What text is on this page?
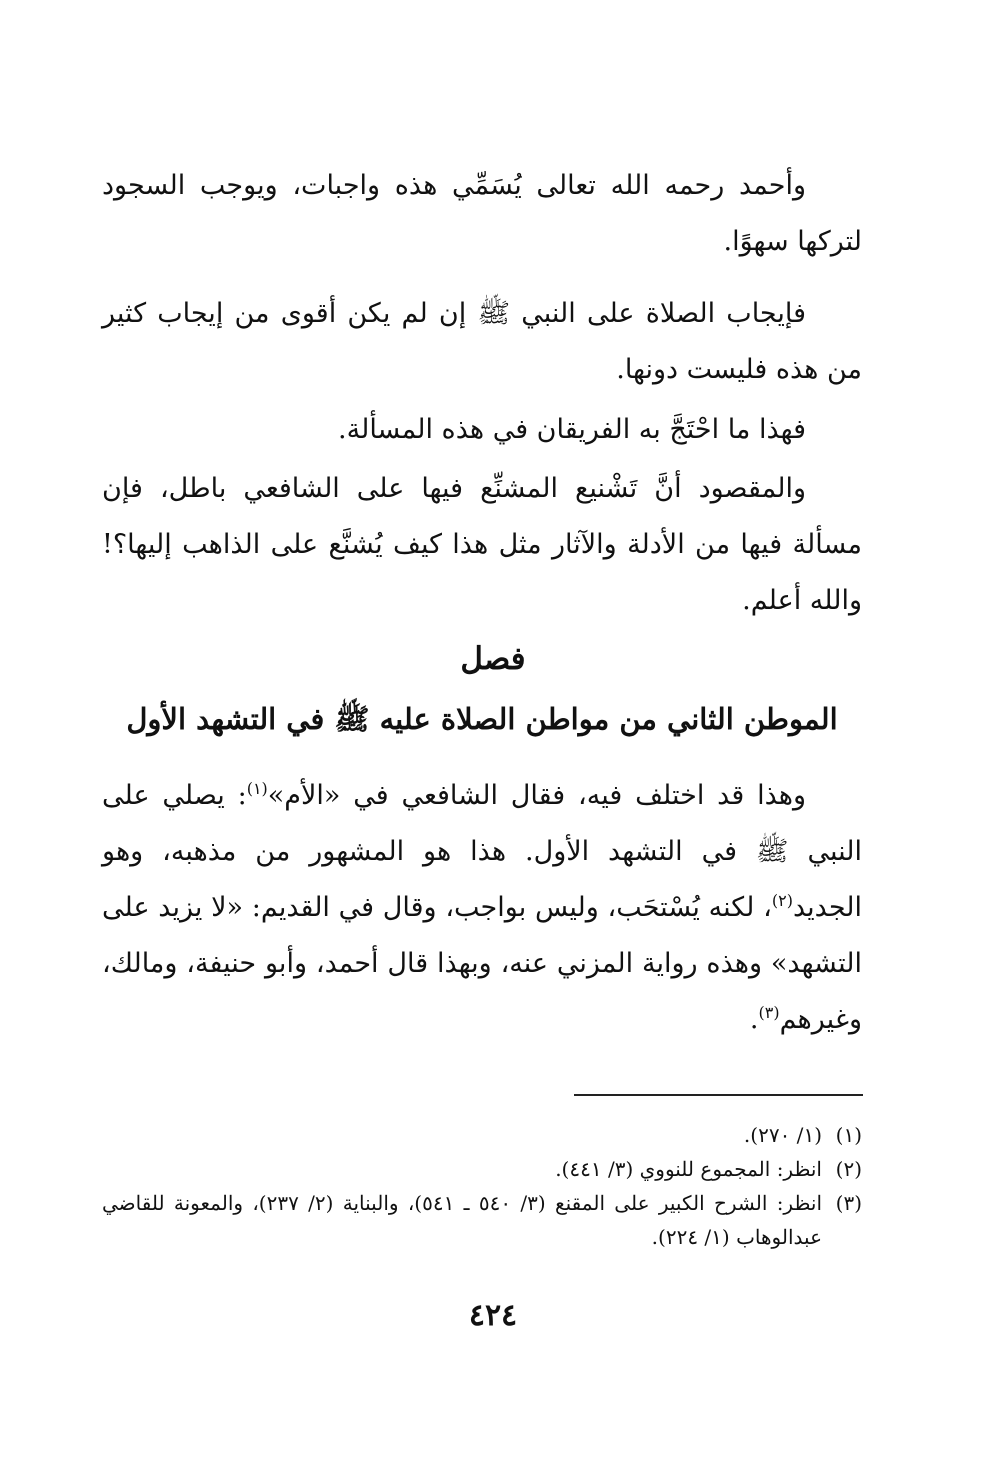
وأحمد رحمه الله تعالى يُسَمِّي هذه واجبات، ويوجب السجود لتركها سهوًا.

فإيجاب الصلاة على النبي ﷺ إن لم يكن أقوى من إيجاب كثير من هذه فليست دونها.

فهذا ما احْتَجَّ به الفريقان في هذه المسألة.

والمقصود أنَّ تَشْنيع المشنِّع فيها على الشافعي باطل، فإن مسألة فيها من الأدلة والآثار مثل هذا كيف يُشنَّع على الذاهب إليها؟! والله أعلم.

فصل
الموطن الثاني من مواطن الصلاة عليه ﷺ في التشهد الأول

وهذا قد اختلف فيه، فقال الشافعي في «الأم»$^{(١)}$: يصلي على النبي ﷺ في التشهد الأول. هذا هو المشهور من مذهبه، وهو الجديد$^{(٢)}$، لكنه يُسْتحَب، وليس بواجب، وقال في القديم: «لا يزيد على التشهد» وهذه رواية المزني عنه، وبهذا قال أحمد، وأبو حنيفة، ومالك، وغيرهم$^{(٣)}$.

(١)
(١/ ٢٧٠).
(٢)
انظر: المجموع للنووي (٣/ ٤٤١).
(٣)
انظر: الشرح الكبير على المقنع (٣/ ٥٤٠ ـ ٥٤١)، والبناية (٢/ ٢٣٧)، والمعونة للقاضي عبدالوهاب (١/ ٢٢٤).
٤٢٤
